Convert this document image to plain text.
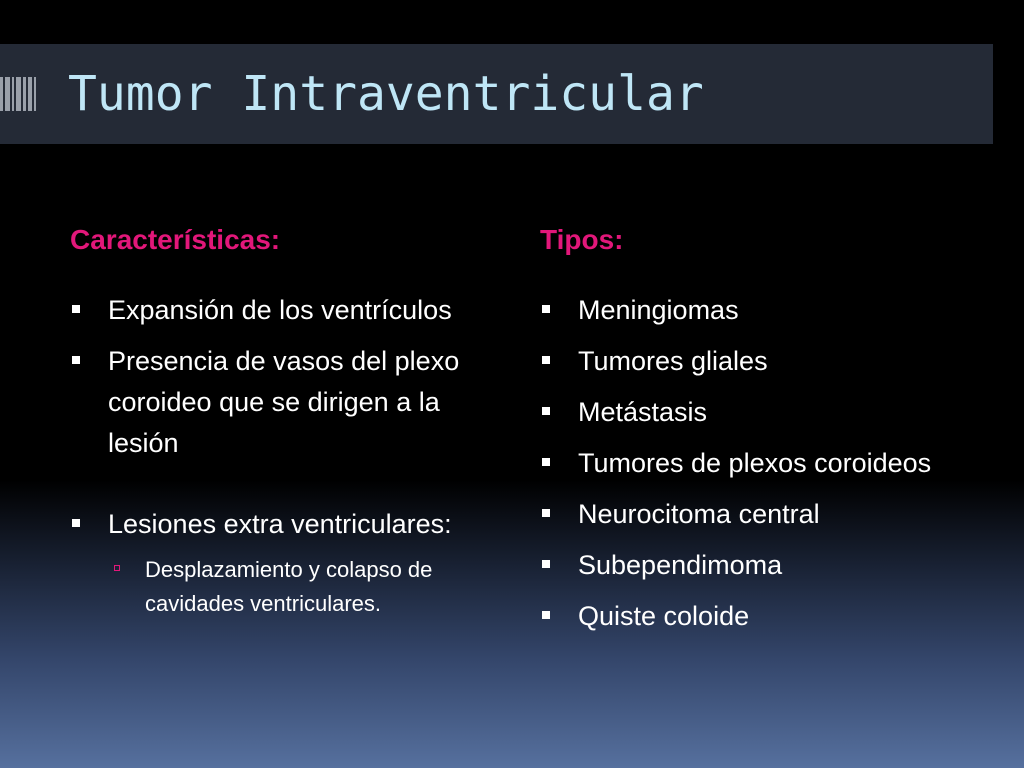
Tumor Intraventricular
Características:
Expansión de los ventrículos
Presencia de vasos del plexo coroideo que se dirigen a la lesión
Lesiones extra ventriculares:
Desplazamiento y colapso de cavidades ventriculares.
Tipos:
Meningiomas
Tumores gliales
Metástasis
Tumores de plexos coroideos
Neurocitoma central
Subependimoma
Quiste coloide
